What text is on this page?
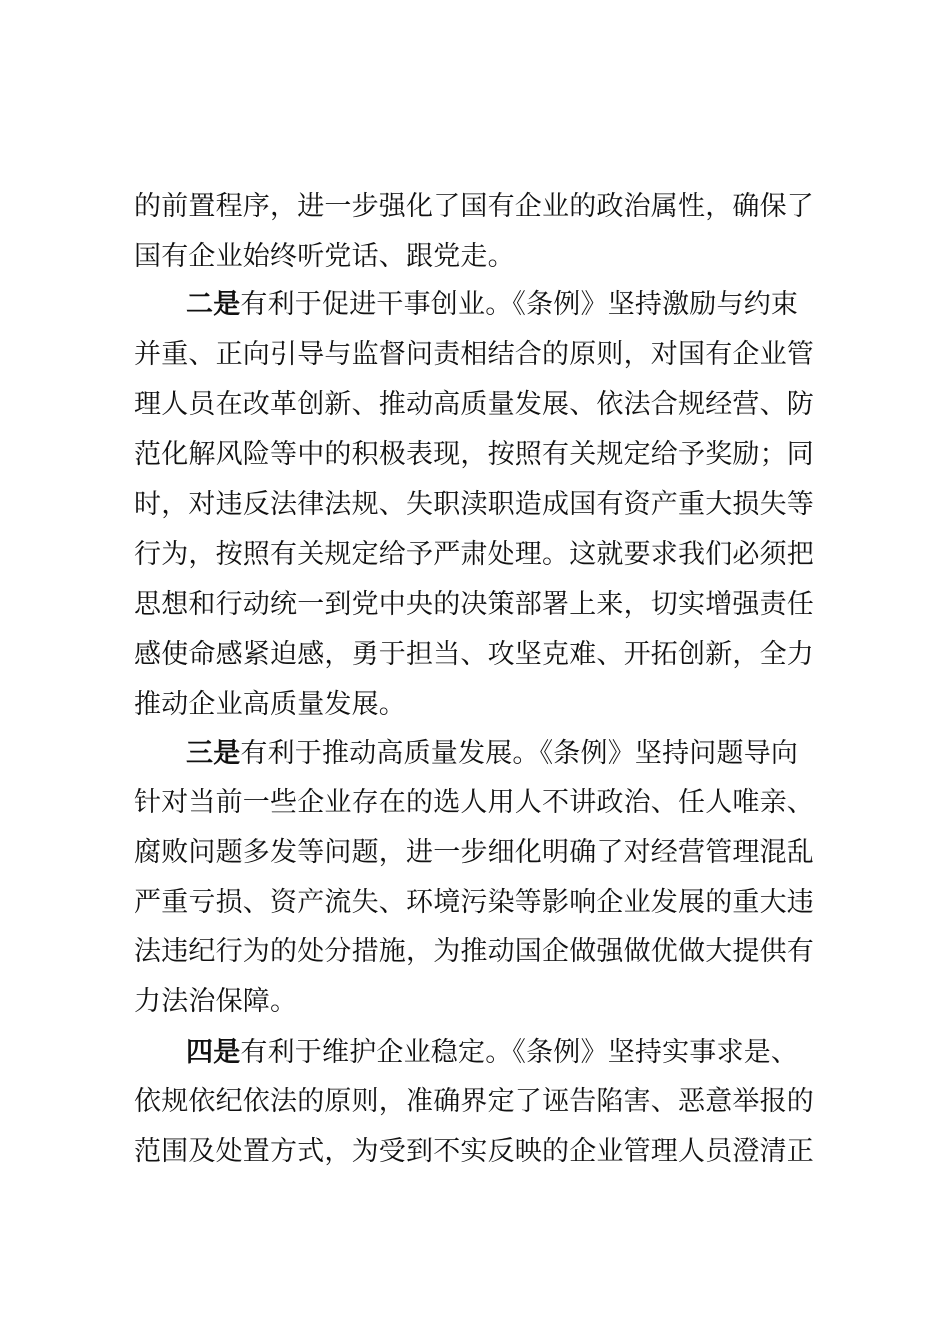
的前置程序，进一步强化了国有企业的政治属性，确保了
国有企业始终听党话、跟党走。
二是有利于促进干事创业。《条例》坚持激励与约束
并重、正向引导与监督问责相结合的原则，对国有企业管
理人员在改革创新、推动高质量发展、依法合规经营、防
范化解风险等中的积极表现，按照有关规定给予奖励；同
时，对违反法律法规、失职渎职造成国有资产重大损失等
行为，按照有关规定给予严肃处理。这就要求我们必须把
思想和行动统一到党中央的决策部署上来，切实增强责任
感使命感紧迫感，勇于担当、攻坚克难、开拓创新，全力
推动企业高质量发展。
三是有利于推动高质量发展。《条例》坚持问题导向
针对当前一些企业存在的选人用人不讲政治、任人唯亲、
腐败问题多发等问题，进一步细化明确了对经营管理混乱
严重亏损、资产流失、环境污染等影响企业发展的重大违
法违纪行为的处分措施，为推动国企做强做优做大提供有
力法治保障。
四是有利于维护企业稳定。《条例》坚持实事求是、
依规依纪依法的原则，准确界定了诬告陷害、恶意举报的
范围及处置方式，为受到不实反映的企业管理人员澄清正
